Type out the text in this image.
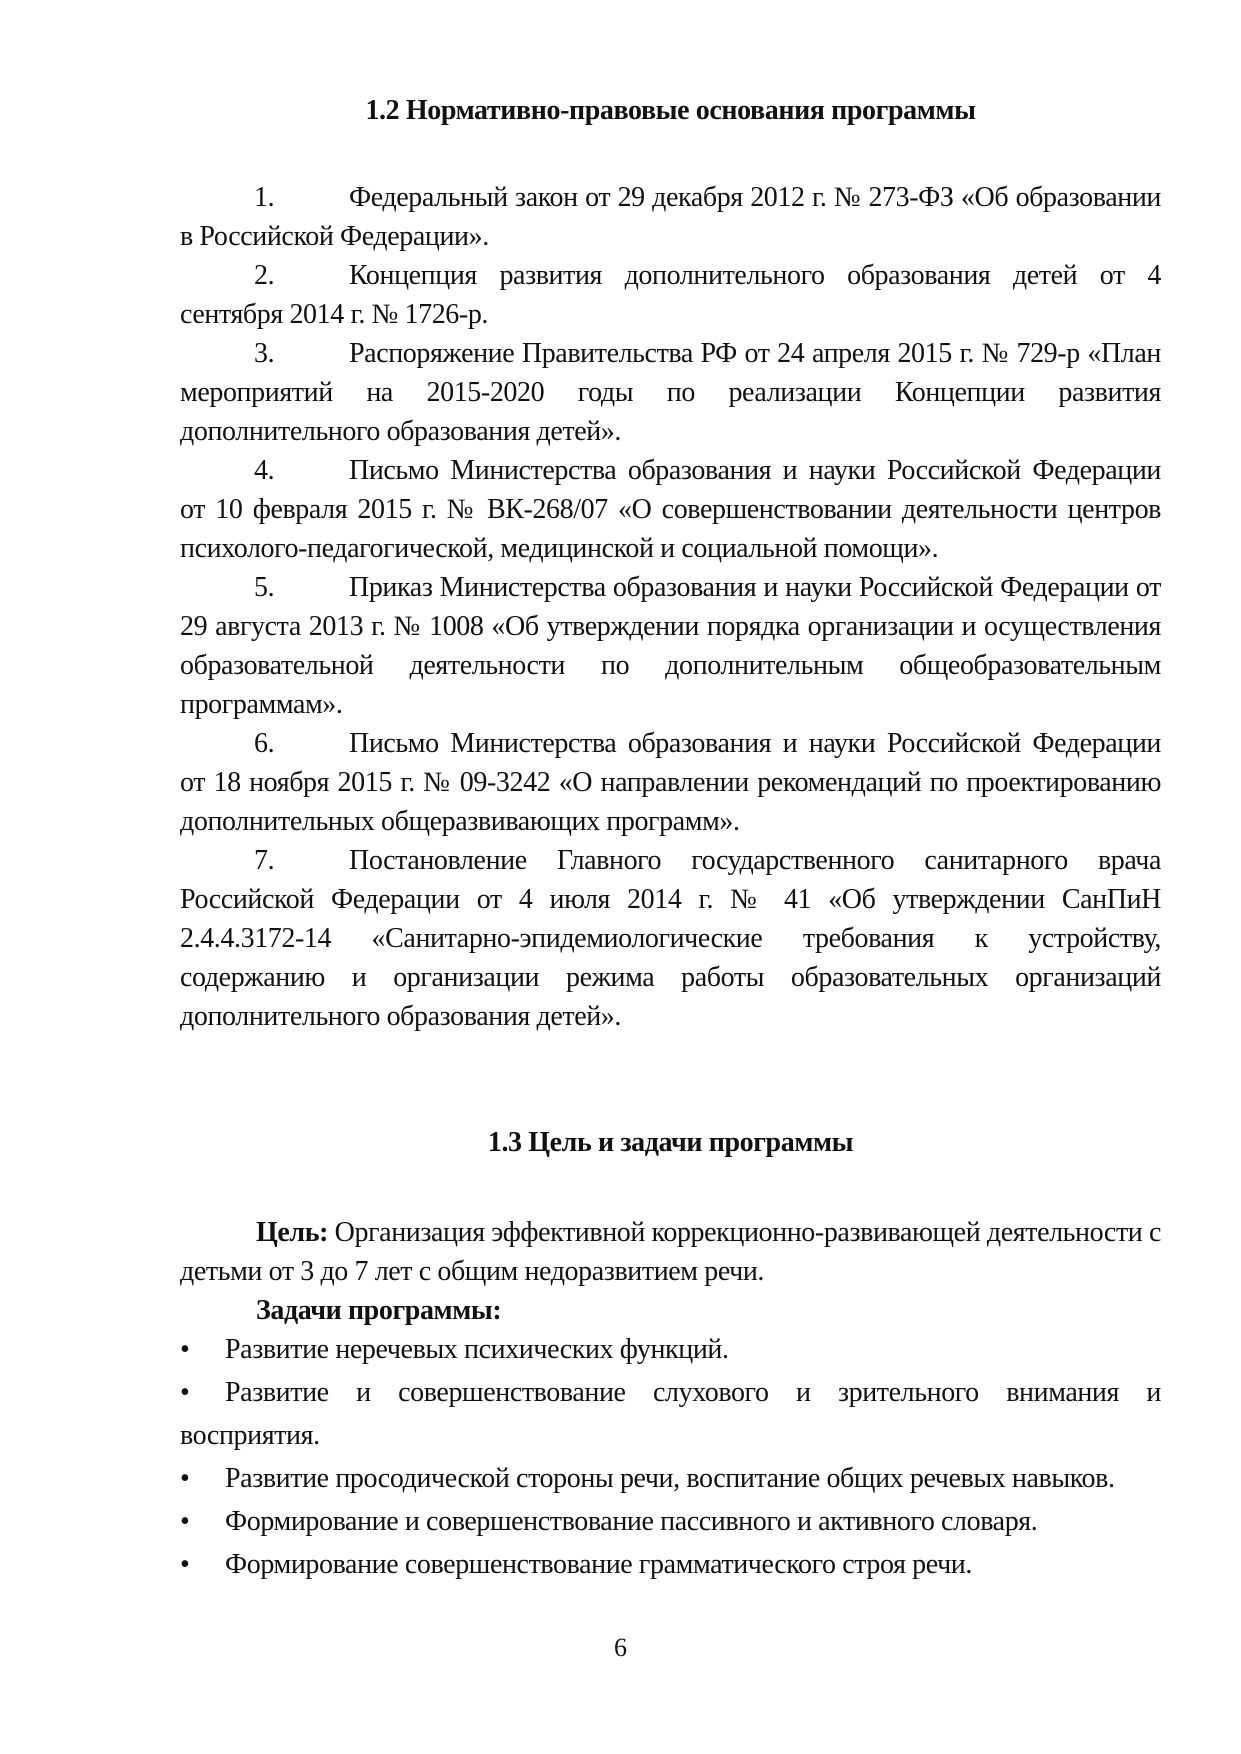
1.2 Нормативно-правовые основания программы
1.	Федеральный закон от 29 декабря 2012 г. № 273-ФЗ «Об образовании в Российской Федерации».
2.	Концепция развития дополнительного образования детей от 4 сентября 2014 г. № 1726-р.
3.	Распоряжение Правительства РФ от 24 апреля 2015 г. № 729-р «План мероприятий на 2015-2020 годы по реализации Концепции развития дополнительного образования детей».
4.	Письмо Министерства образования и науки Российской Федерации от 10 февраля 2015 г. № ВК-268/07 «О совершенствовании деятельности центров психолого-педагогической, медицинской и социальной помощи».
5.	Приказ Министерства образования и науки Российской Федерации от 29 августа 2013 г. № 1008 «Об утверждении порядка организации и осуществления образовательной деятельности по дополнительным общеобразовательным программам».
6.	Письмо Министерства образования и науки Российской Федерации от 18 ноября 2015 г. № 09-3242 «О направлении рекомендаций по проектированию дополнительных общеразвивающих программ».
7.	Постановление Главного государственного санитарного врача Российской Федерации от 4 июля 2014 г. № 41 «Об утверждении СанПиН 2.4.4.3172-14 «Санитарно-эпидемиологические требования к устройству, содержанию и организации режима работы образовательных организаций дополнительного образования детей».
1.3 Цель и задачи программы

Цель: Организация эффективной коррекционно-развивающей деятельности с детьми от 3 до 7 лет с общим недоразвитием речи.

Задачи программы:

• Развитие неречевых психических функций.
• Развитие и совершенствование слухового и зрительного внимания и восприятия.
• Развитие просодической стороны речи, воспитание общих речевых навыков.
• Формирование и совершенствование пассивного и активного словаря.
• Формирование совершенствование грамматического строя речи.
6
